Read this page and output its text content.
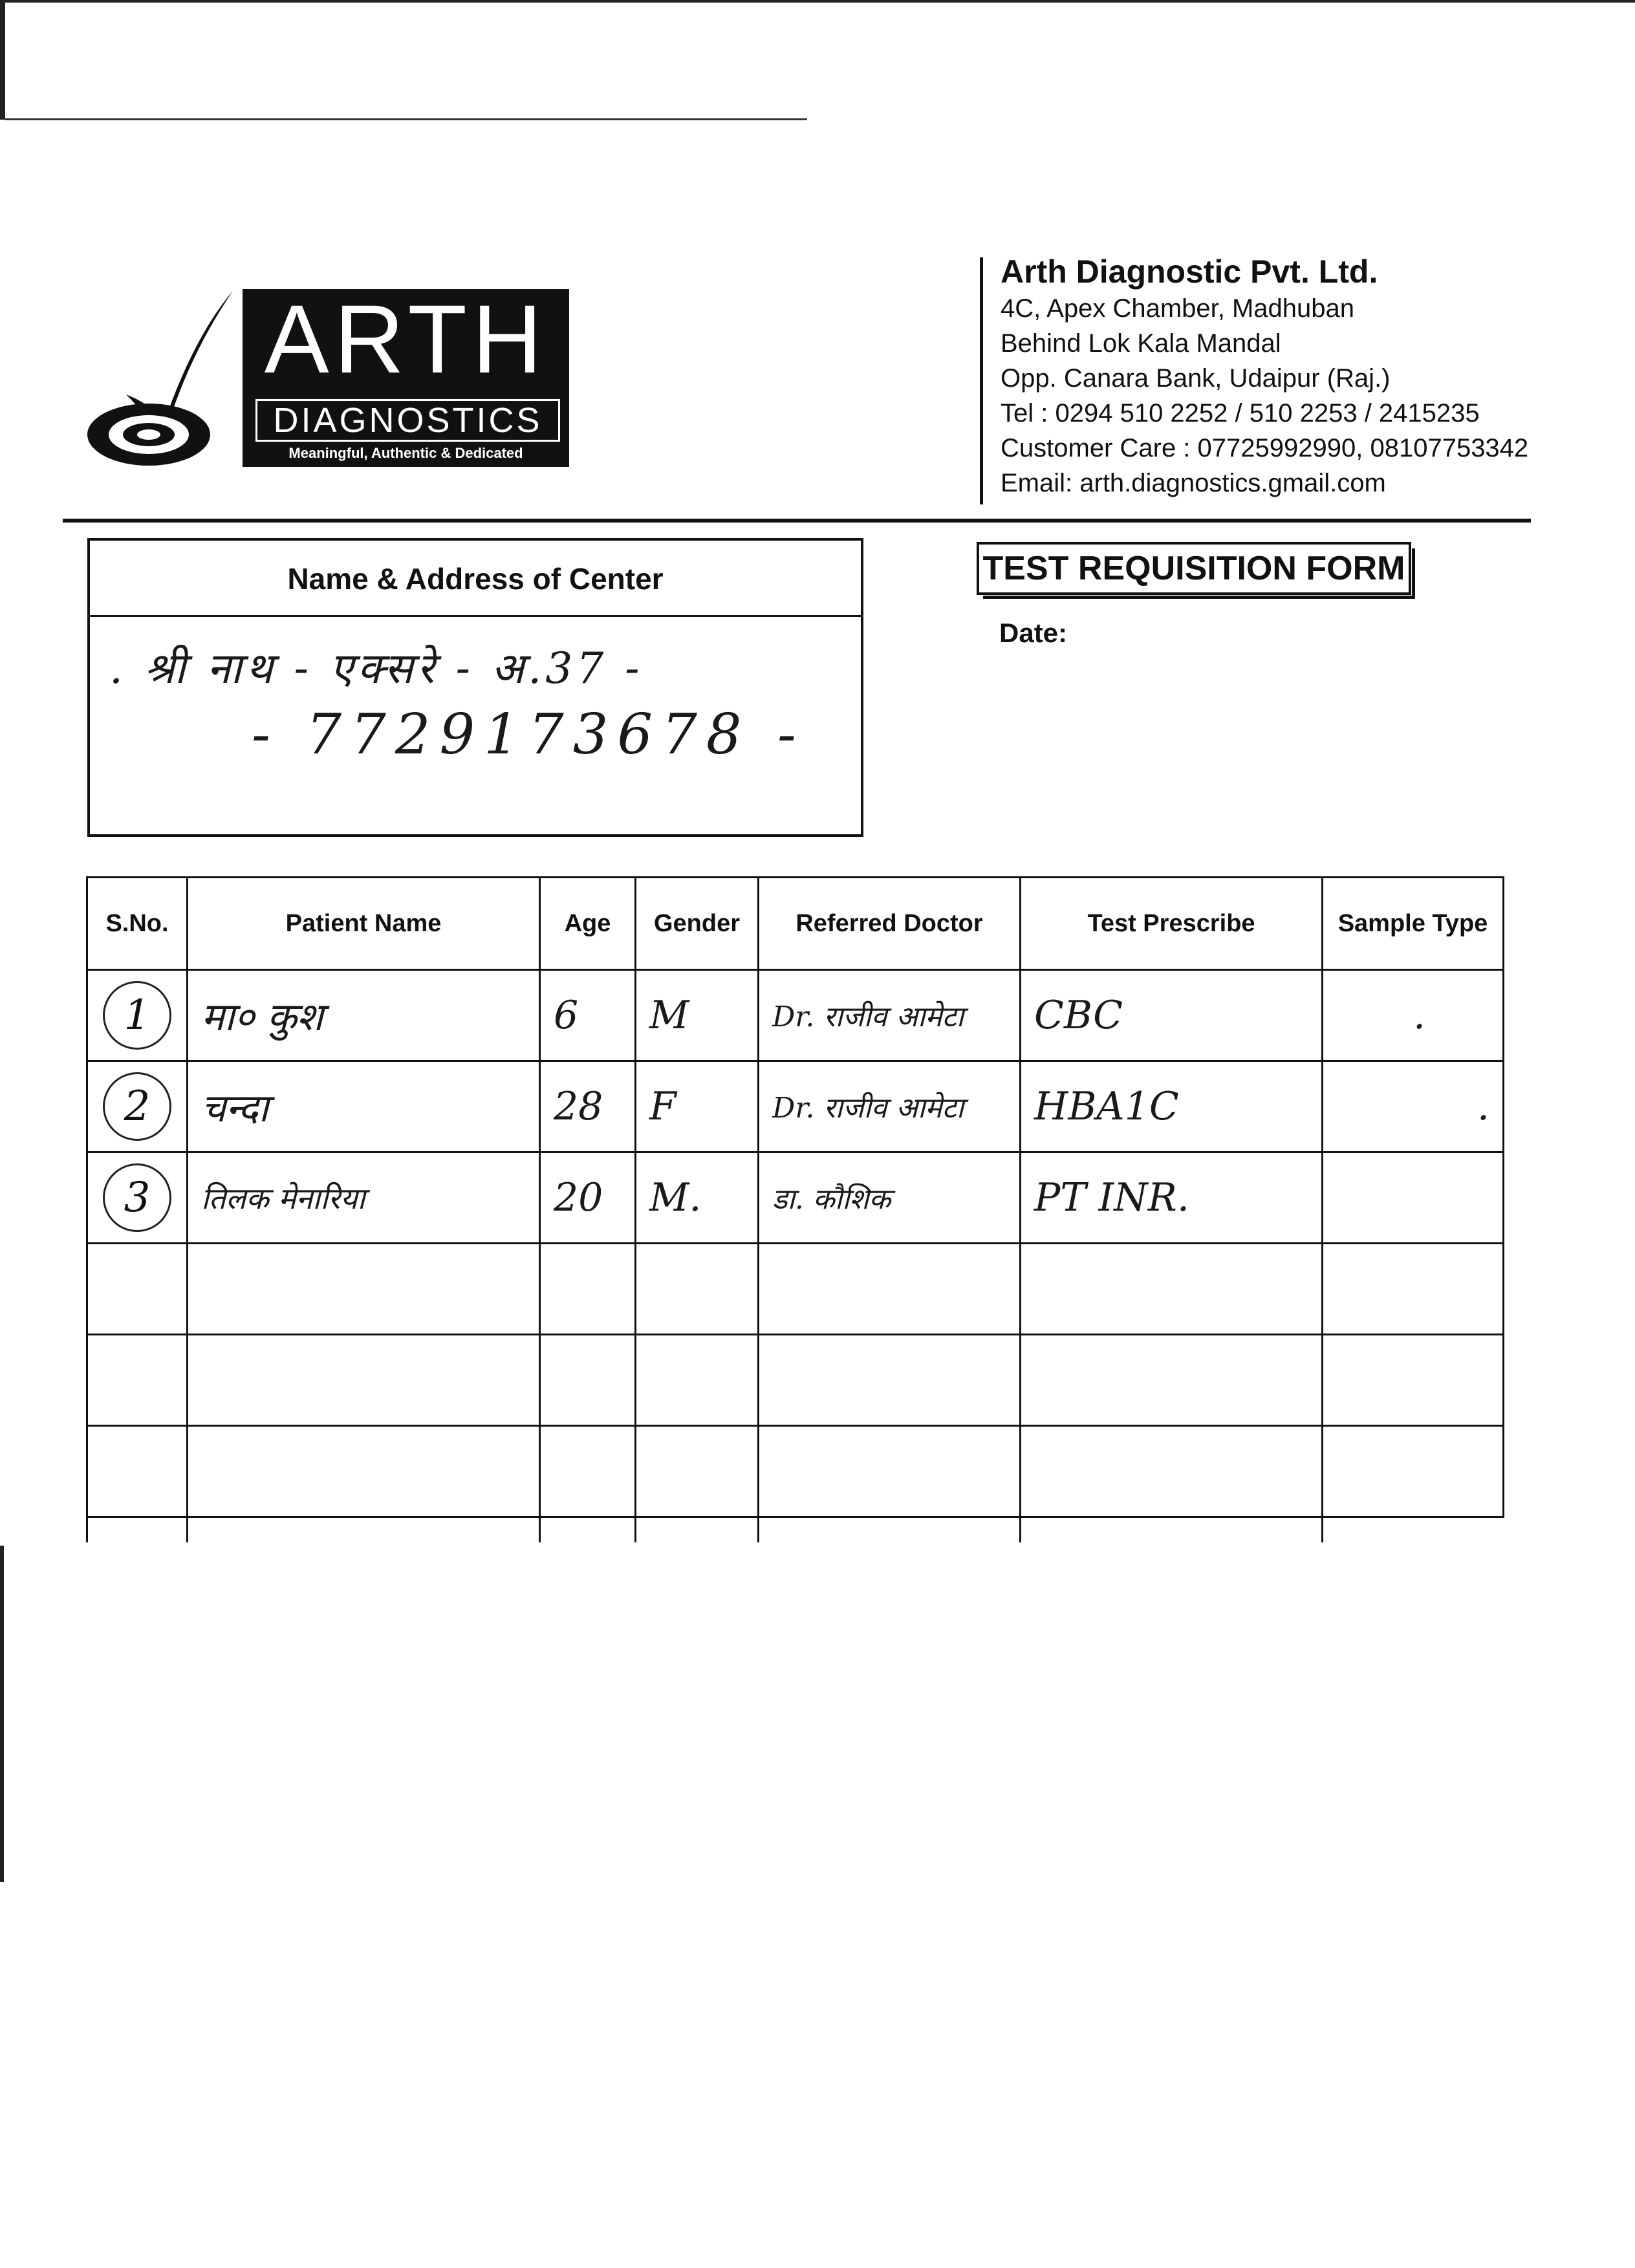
ARTH
DIAGNOSTICS
Meaningful, Authentic & Dedicated
Arth Diagnostic Pvt. Ltd.
4C, Apex Chamber, Madhuban
Behind Lok Kala Mandal
Opp. Canara Bank, Udaipur (Raj.)
Tel : 0294 510 2252 / 510 2253 / 2415235
Customer Care : 07725992990, 08107753342
Email: arth.diagnostics.gmail.com
Name & Address of Center
. श्री नाथ - एक्सरे - अ.37 -
- 7729173678 -
TEST REQUISITION FORM
Date:
S.No.	Patient Name	Age	Gender	Referred Doctor	Test Prescribe	Sample Type
1	मा० कुश	6	M	Dr. राजीव आमेटा	CBC	.
2	चन्दा	28	F	Dr. राजीव आमेटा	HBA1C	.
3	तिलक मेनारिया	20	M.	डा. कौशिक	PT INR.	
